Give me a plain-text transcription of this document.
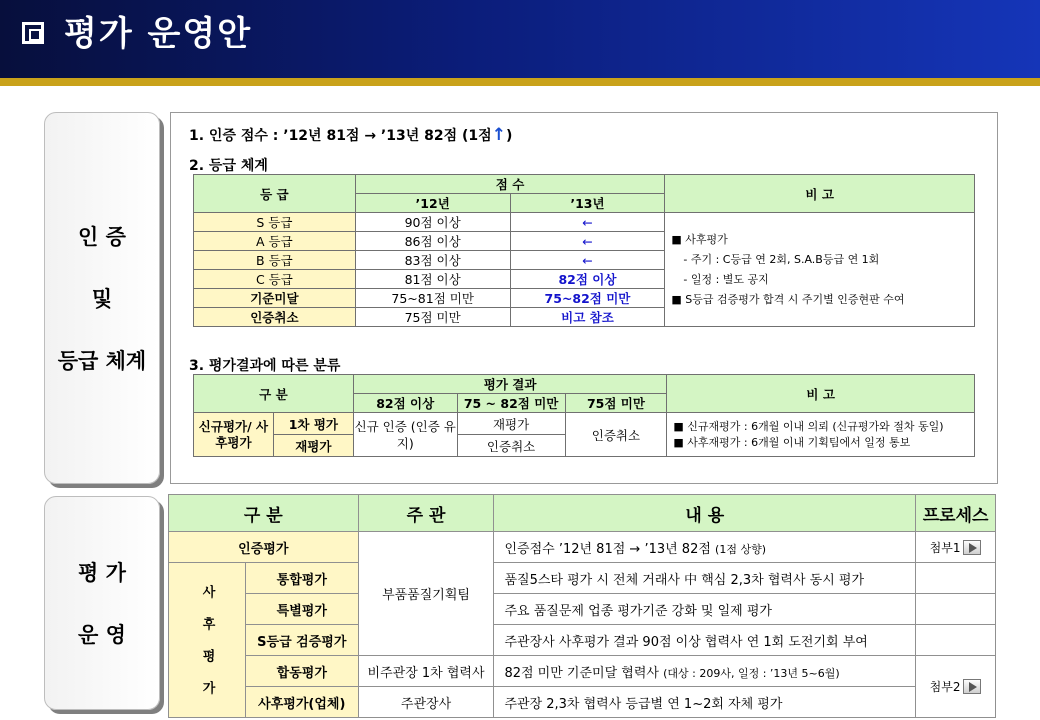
평가 운영안
인 증
및
등급 체계
평 가
운 영
1. 인증 점수 : ’12년 81점 → ’13년 82점 (1점↑)
2. 등급 체계
등 급	점 수		비 고
	’12년	’13년	
S 등급	90점 이상	←	■ 사후평가
- 주기 : C등급 연 2회, S.A.B등급 연 1회
- 일정 : 별도 공지
■ S등급 검증평가 합격 시 주기별 인증현판 수여

A 등급	86점 이상	←	
B 등급	83점 이상	←	
C 등급	81점 이상	82점 이상	
기준미달	75~81점 미만	75~82점 미만	
인증취소	75점 미만	비고 참조	
3. 평가결과에 따른 분류
구 분		평가 결과			비 고
		82점 이상	75 ~ 82점 미만	75점 미만	
신규평가/ 사후평가	1차 평가	신규 인증 (인증 유지)	재평가	인증취소	■ 신규재평가 : 6개월 이내 의뢰 (신규평가와 절차 동일)
■ 사후재평가 : 6개월 이내 기획팀에서 일정 통보

	재평가		인증취소		
구 분		주 관	내 용	프로세스
인증평가		부품품질기획팀	인증점수 ’12년 81점 → ’13년 82점 (1점 상향)	첨부1

사 후 평 가	통합평가		품질5스타 평가 시 전체 거래사 中 핵심 2,3차 협력사 동시 평가	
	특별평가		주요 품질문제 업종 평가기준 강화 및 일제 평가	
	S등급 검증평가		주관장사 사후평가 결과 90점 이상 협력사 연 1회 도전기회 부여	
	합동평가	비주관장 1차 협력사	82점 미만 기준미달 협력사 (대상 : 209사, 일정 : ’13년 5~6월)	첨부2

	사후평가(업체)	주관장사	주관장 2,3차 협력사 등급별 연 1~2회 자체 평가	
